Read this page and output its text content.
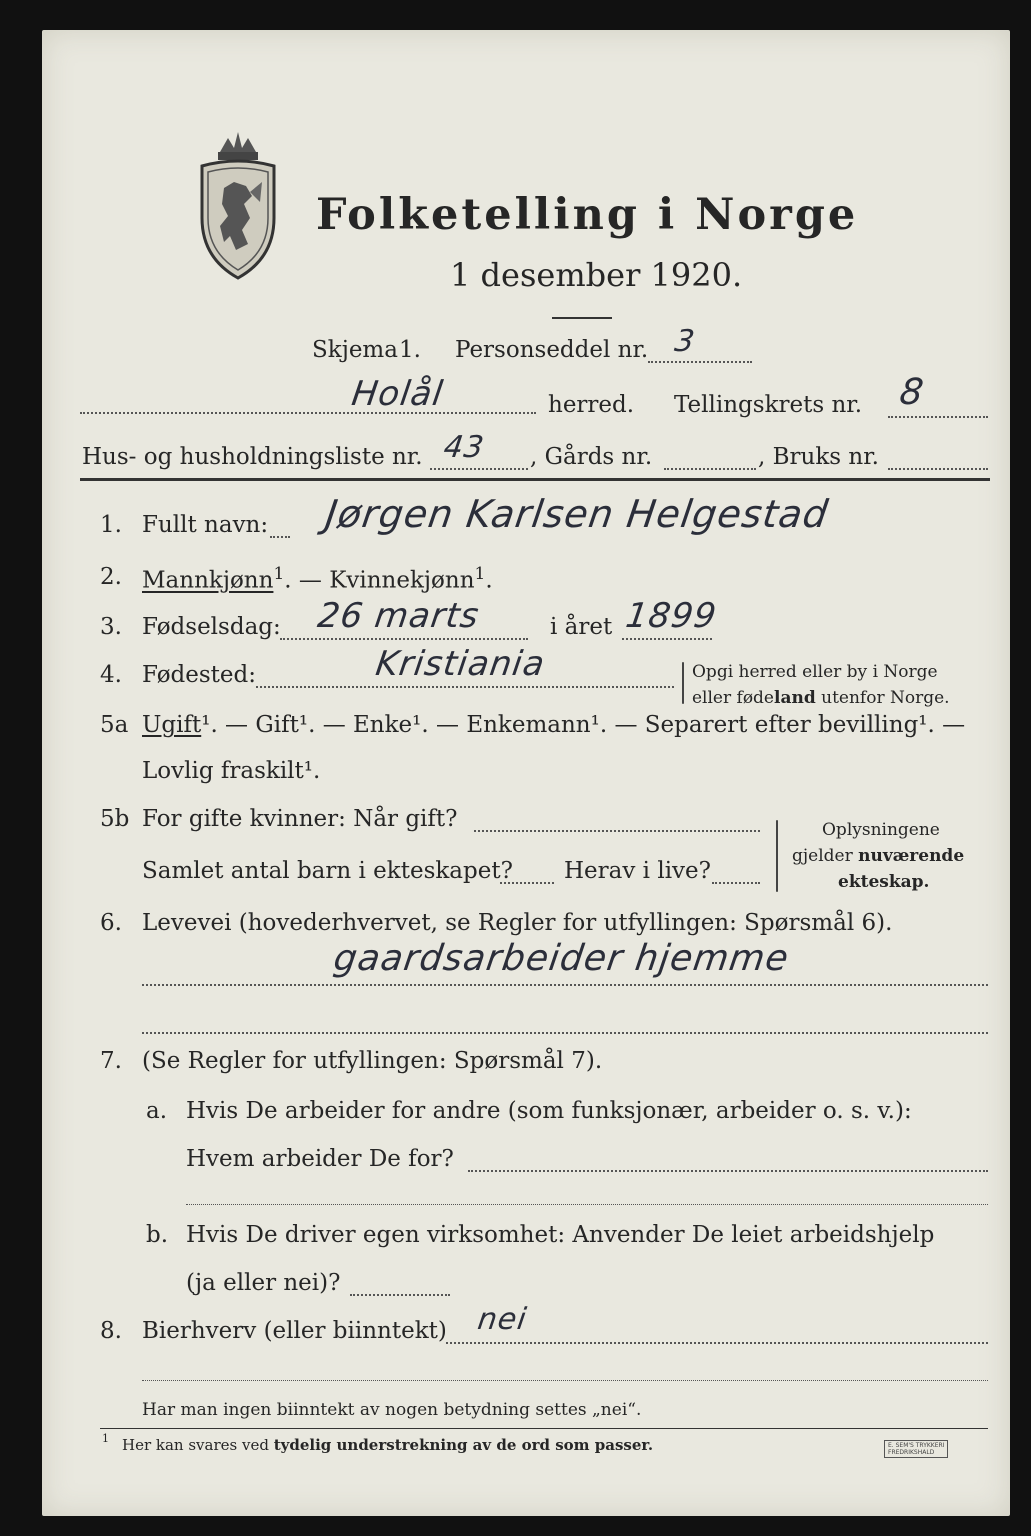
Folketelling i Norge
1 desember 1920.
Skjema 1. Personseddel nr. 3
Holål	herred. Tellingskrets nr. 8
Hus- og husholdningsliste nr. 43 , Gårds nr.	, Bruks nr.
1. Fullt navn: Jørgen Karlsen Helgestad
2. Mannkjønn$^1$. — Kvinnekjønn$^1$.
3. Fødselsdag: 26 marts	i året 1899
4. Fødested:	Kristiania	Opgi herred eller by i Norge
eller fødeland utenfor Norge.
5a Ugift¹. — Gift¹. — Enke¹. — Enkemann¹. — Separert efter bevilling¹. —
Lovlig fraskilt¹.
5b For gifte kvinner: Når gift?
Samlet antal barn i ekteskapet? Herav i live?
Oplysningene
gjelder nuværende
ekteskap.
6. Levevei (hovederhvervet, se Regler for utfyllingen: Spørsmål 6).
gaardsarbeider hjemme
7. (Se Regler for utfyllingen: Spørsmål 7).
a. Hvis De arbeider for andre (som funksjonær, arbeider o. s. v.):
Hvem arbeider De for?
b. Hvis De driver egen virksomhet: Anvender De leiet arbeidshjelp
(ja eller nei)?
8. Bierhverv (eller biinntekt) nei
Har man ingen biinntekt av nogen betydning settes „nei“.
1 Her kan svares ved tydelig understrekning av de ord som passer.	E. SEM'S TRYKKERI
FREDRIKSHALD
